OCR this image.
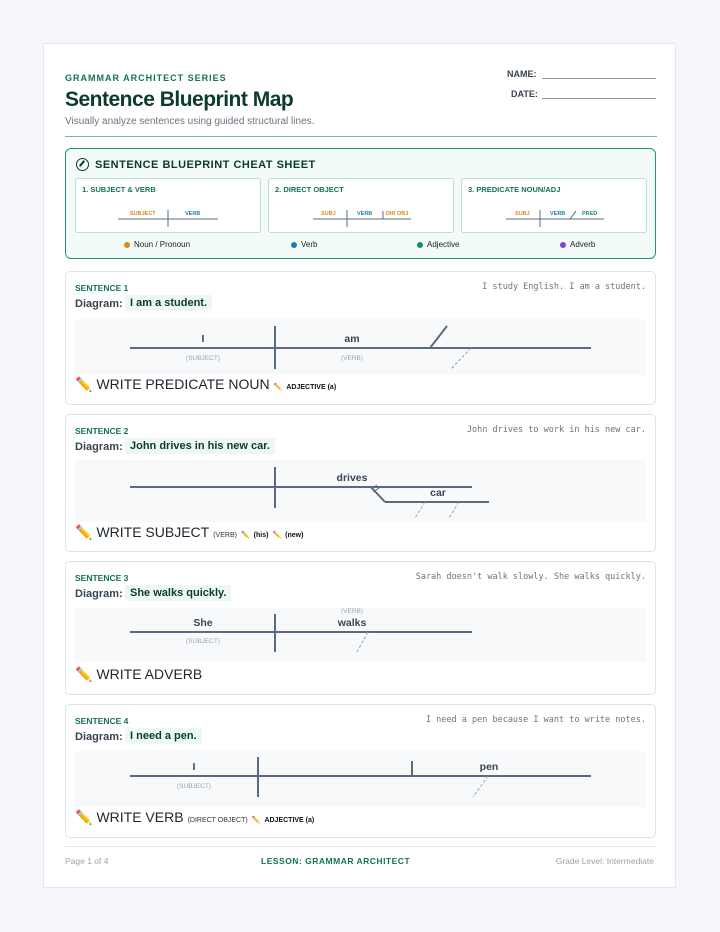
GRAMMAR ARCHITECT SERIES
Sentence Blueprint Map
Visually analyze sentences using guided structural lines.
NAME:
DATE:
SENTENCE BLUEPRINT CHEAT SHEET
1. SUBJECT & VERB
SUBJECT	VERB
2. DIRECT OBJECT
SUBJ	VERB DIR OBJ
3. PREDICATE NOUN/ADJ
SUBJ	VERB	PRED
Noun / Pronoun	Verb	Adjective	Adverb
SENTENCE 1	I study English. I am a student.
Diagram: I am a student.
I	am
(SUBJECT)	(VERB)
✏️ WRITE PREDICATE NOUN ✏️ ADJECTIVE (a)
SENTENCE 2	John drives to work in his new car.
Diagram: John drives in his new car.
drives
car
✏️ WRITE SUBJECT (VERB) ✏️ (his) ✏️ (new)
SENTENCE 3	Sarah doesn't walk slowly. She walks quickly.
Diagram: She walks quickly.
(VERB)
She	walks
(SUBJECT)
✏️ WRITE ADVERB
SENTENCE 4	I need a pen because I want to write notes.
Diagram: I need a pen.
I	pen
(SUBJECT)
✏️ WRITE VERB (DIRECT OBJECT) ✏️ ADJECTIVE (a)
Page 1 of 4	LESSON: GRAMMAR ARCHITECT	Grade Level: Intermediate
